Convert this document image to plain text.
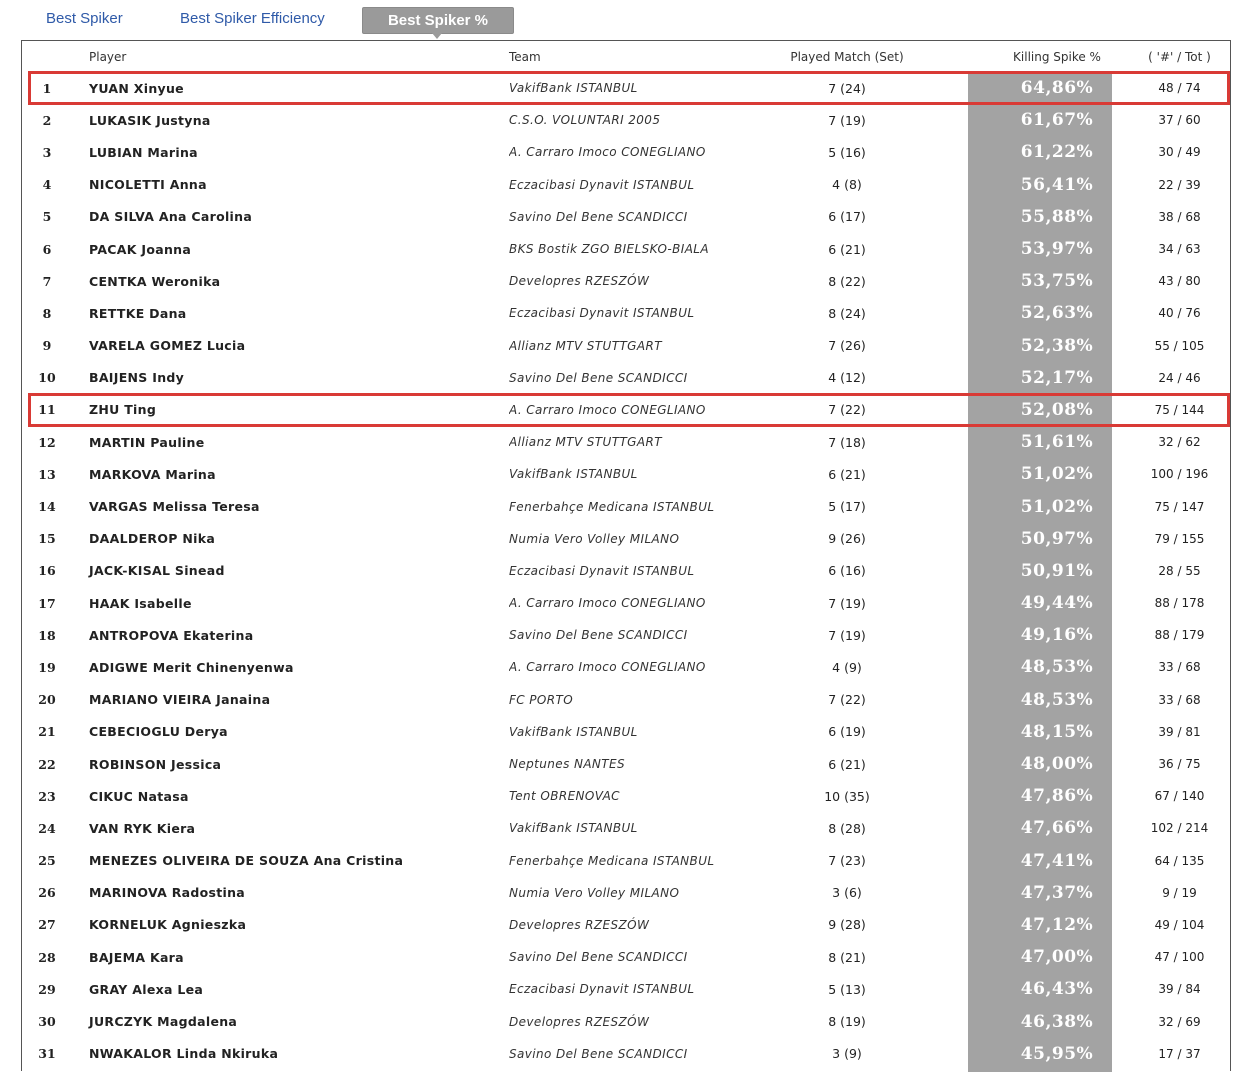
Best Spiker	Best Spiker Efficiency	Best Spiker %
	Player	Team	Played Match (Set)	Killing Spike %	( '#' / Tot )
1	YUAN Xinyue	VakifBank ISTANBUL	7 (24)	64,86%	48 / 74
2	LUKASIK Justyna	C.S.O. VOLUNTARI 2005	7 (19)	61,67%	37 / 60
3	LUBIAN Marina	A. Carraro Imoco CONEGLIANO	5 (16)	61,22%	30 / 49
4	NICOLETTI Anna	Eczacibasi Dynavit ISTANBUL	4 (8)	56,41%	22 / 39
5	DA SILVA Ana Carolina	Savino Del Bene SCANDICCI	6 (17)	55,88%	38 / 68
6	PACAK Joanna	BKS Bostik ZGO BIELSKO-BIALA	6 (21)	53,97%	34 / 63
7	CENTKA Weronika	Developres RZESZÓW	8 (22)	53,75%	43 / 80
8	RETTKE Dana	Eczacibasi Dynavit ISTANBUL	8 (24)	52,63%	40 / 76
9	VARELA GOMEZ Lucia	Allianz MTV STUTTGART	7 (26)	52,38%	55 / 105
10	BAIJENS Indy	Savino Del Bene SCANDICCI	4 (12)	52,17%	24 / 46
11	ZHU Ting	A. Carraro Imoco CONEGLIANO	7 (22)	52,08%	75 / 144
12	MARTIN Pauline	Allianz MTV STUTTGART	7 (18)	51,61%	32 / 62
13	MARKOVA Marina	VakifBank ISTANBUL	6 (21)	51,02%	100 / 196
14	VARGAS Melissa Teresa	Fenerbahçe Medicana ISTANBUL	5 (17)	51,02%	75 / 147
15	DAALDEROP Nika	Numia Vero Volley MILANO	9 (26)	50,97%	79 / 155
16	JACK-KISAL Sinead	Eczacibasi Dynavit ISTANBUL	6 (16)	50,91%	28 / 55
17	HAAK Isabelle	A. Carraro Imoco CONEGLIANO	7 (19)	49,44%	88 / 178
18	ANTROPOVA Ekaterina	Savino Del Bene SCANDICCI	7 (19)	49,16%	88 / 179
19	ADIGWE Merit Chinenyenwa	A. Carraro Imoco CONEGLIANO	4 (9)	48,53%	33 / 68
20	MARIANO VIEIRA Janaina	FC PORTO	7 (22)	48,53%	33 / 68
21	CEBECIOGLU Derya	VakifBank ISTANBUL	6 (19)	48,15%	39 / 81
22	ROBINSON Jessica	Neptunes NANTES	6 (21)	48,00%	36 / 75
23	CIKUC Natasa	Tent OBRENOVAC	10 (35)	47,86%	67 / 140
24	VAN RYK Kiera	VakifBank ISTANBUL	8 (28)	47,66%	102 / 214
25	MENEZES OLIVEIRA DE SOUZA Ana Cristina	Fenerbahçe Medicana ISTANBUL	7 (23)	47,41%	64 / 135
26	MARINOVA Radostina	Numia Vero Volley MILANO	3 (6)	47,37%	9 / 19
27	KORNELUK Agnieszka	Developres RZESZÓW	9 (28)	47,12%	49 / 104
28	BAJEMA Kara	Savino Del Bene SCANDICCI	8 (21)	47,00%	47 / 100
29	GRAY Alexa Lea	Eczacibasi Dynavit ISTANBUL	5 (13)	46,43%	39 / 84
30	JURCZYK Magdalena	Developres RZESZÓW	8 (19)	46,38%	32 / 69
31	NWAKALOR Linda Nkiruka	Savino Del Bene SCANDICCI	3 (9)	45,95%	17 / 37
